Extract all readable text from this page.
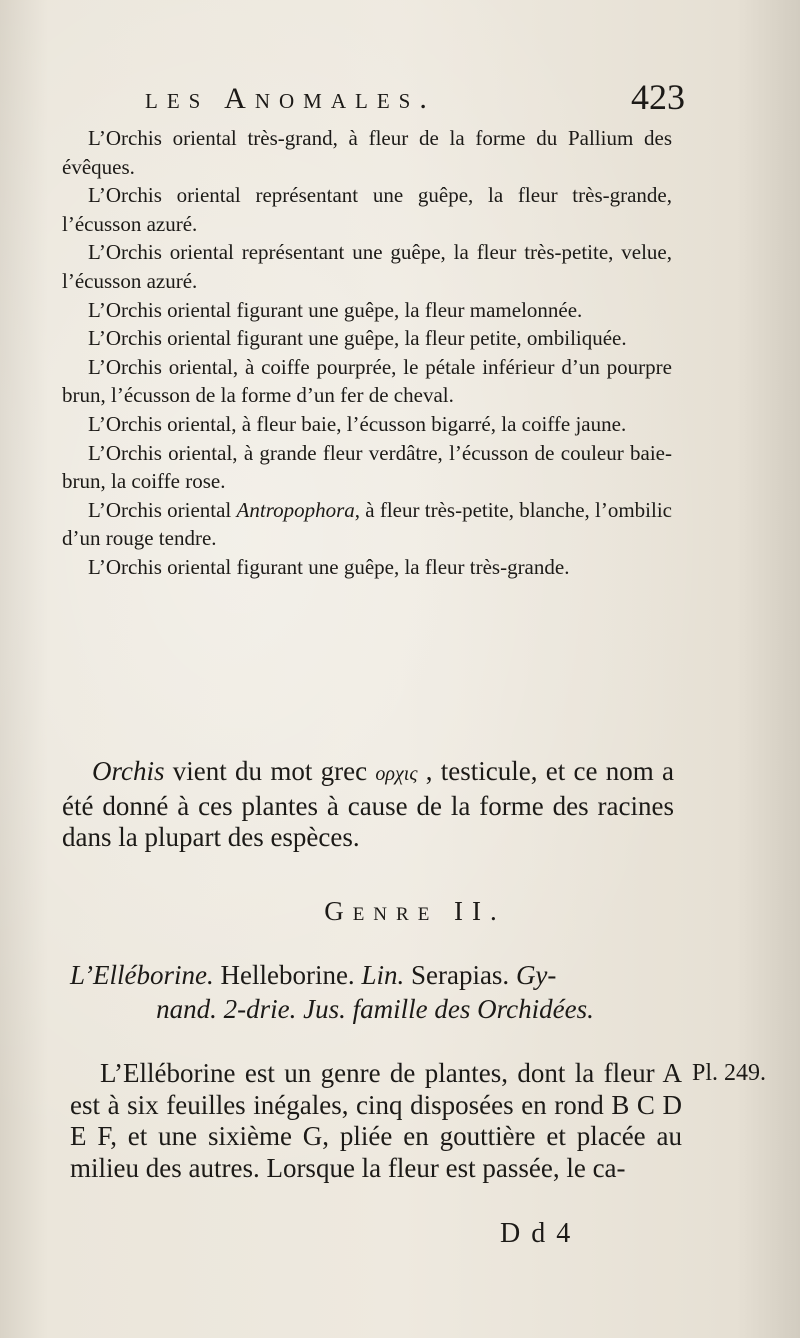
les Anomales.	423

L’Orchis oriental très-grand, à fleur de la forme du Pallium des évêques.

L’Orchis oriental représentant une guêpe, la fleur très-grande, l’écusson azuré.

L’Orchis oriental représentant une guêpe, la fleur très-petite, velue, l’écusson azuré.

L’Orchis oriental figurant une guêpe, la fleur mamelonnée.

L’Orchis oriental figurant une guêpe, la fleur petite, ombiliquée.

L’Orchis oriental, à coiffe pourprée, le pétale inférieur d’un pourpre brun, l’écusson de la forme d’un fer de cheval.

L’Orchis oriental, à fleur baie, l’écusson bigarré, la coiffe jaune.

L’Orchis oriental, à grande fleur verdâtre, l’écusson de couleur baie-brun, la coiffe rose.

L’Orchis oriental Antropophora, à fleur très-petite, blanche, l’ombilic d’un rouge tendre.

L’Orchis oriental figurant une guêpe, la fleur très-grande.

Orchis vient du mot grec ορχις , testicule, et ce nom a été donné à ces plantes à cause de la forme des racines dans la plupart des espèces.

Genre II.

L’Elléborine. Helleborine. Lin. Serapias. Gy-
nand. 2-drie. Jus. famille des Orchidées.

L’Elléborine est un genre de plantes, dont la fleur A est à six feuilles inégales, cinq disposées en rond B C D E F, et une sixième G, pliée en gouttière et placée au milieu des autres. Lorsque la fleur est passée, le ca-

Pl. 249.
D d 4
